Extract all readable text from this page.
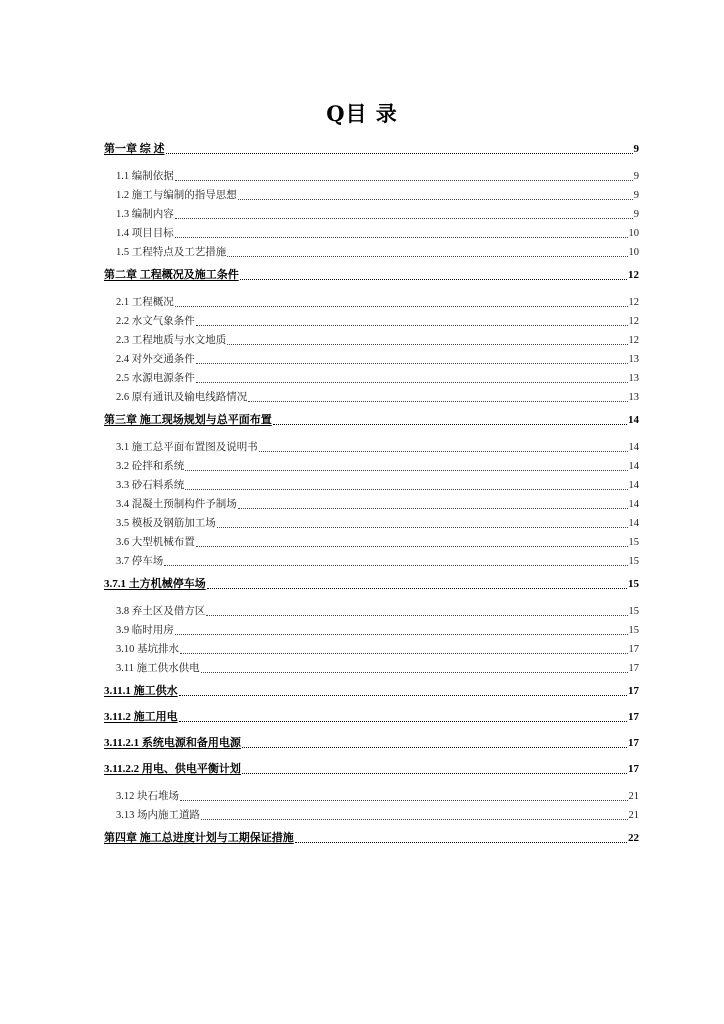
Q目 录
第一章 综 述	9
1.1 编制依据	9
1.2 施工与编制的指导思想	9
1.3 编制内容	9
1.4 项目目标	10
1.5 工程特点及工艺措施	10
第二章 工程概况及施工条件	12
2.1 工程概况	12
2.2 水文气象条件	12
2.3 工程地质与水文地质	12
2.4 对外交通条件	13
2.5 水源电源条件	13
2.6 原有通讯及输电线路情况	13
第三章 施工现场规划与总平面布置	14
3.1 施工总平面布置图及说明书	14
3.2 砼拌和系统	14
3.3 砂石料系统	14
3.4 混凝土预制构件予制场	14
3.5 模板及钢筋加工场	14
3.6 大型机械布置	15
3.7 停车场	15
3.7.1 土方机械停车场	15
3.8 弃土区及借方区	15
3.9 临时用房	15
3.10 基坑排水	17
3.11 施工供水供电	17
3.11.1 施工供水	17
3.11.2 施工用电	17
3.11.2.1 系统电源和备用电源	17
3.11.2.2 用电、供电平衡计划	17
3.12 块石堆场	21
3.13 场内施工道路	21
第四章 施工总进度计划与工期保证措施	22
